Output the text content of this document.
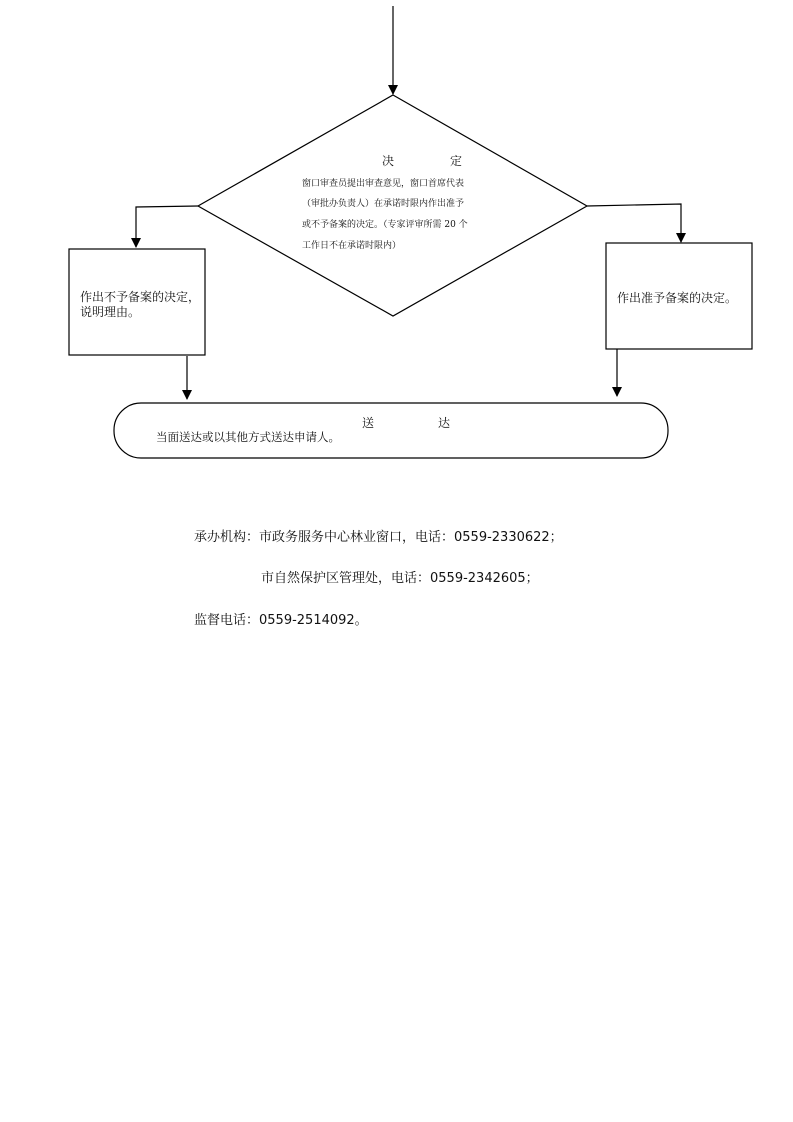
决　定
窗口审查员提出审查意见，窗口首席代表
（审批办负责人）在承诺时限内作出准予
或不予备案的决定。（专家评审所需 20 个
工作日不在承诺时限内）
作出不予备案的决定，
说明理由。
作出准予备案的决定。
送　达
当面送达或以其他方式送达申请人。
承办机构：市政务服务中心林业窗口，电话：0559-2330622；
市自然保护区管理处，电话：0559-2342605；
监督电话：0559-2514092。
